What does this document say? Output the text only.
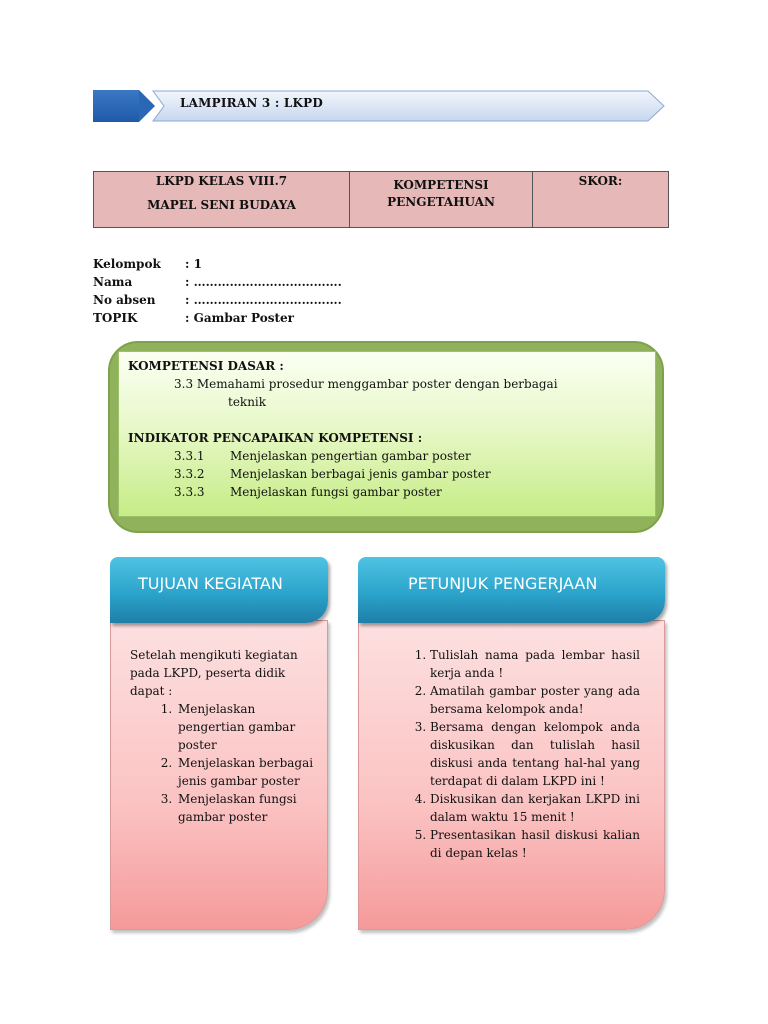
LAMPIRAN 3 : LKPD
LKPD KELAS VIII.7
MAPEL SENI BUDAYA

KOMPETENSI
PENGETAHUAN

SKOR:
Kelompok	: 1
Nama	: ……………………………….
No absen	: ……………………………….
TOPIK	: Gambar Poster
KOMPETENSI DASAR :
3.3 Memahami prosedur menggambar poster dengan berbagai
teknik
INDIKATOR PENCAPAIKAN KOMPETENSI :
3.3.1 Menjelaskan pengertian gambar poster
3.3.2 Menjelaskan berbagai jenis gambar poster
3.3.3 Menjelaskan fungsi gambar poster
TUJUAN KEGIATAN
Setelah mengikuti kegiatan pada LKPD, peserta didik dapat :
1. Menjelaskan pengertian gambar poster
2. Menjelaskan berbagai jenis gambar poster
3. Menjelaskan fungsi gambar poster
PETUNJUK PENGERJAAN
1. Tulislah nama pada lembar hasil kerja anda !
2. Amatilah gambar poster yang ada bersama kelompok anda!
3. Bersama dengan kelompok anda diskusikan dan tulislah hasil diskusi anda tentang hal-hal yang terdapat di dalam LKPD ini !
4. Diskusikan dan kerjakan LKPD ini dalam waktu 15 menit !
5. Presentasikan hasil diskusi kalian di depan kelas !
